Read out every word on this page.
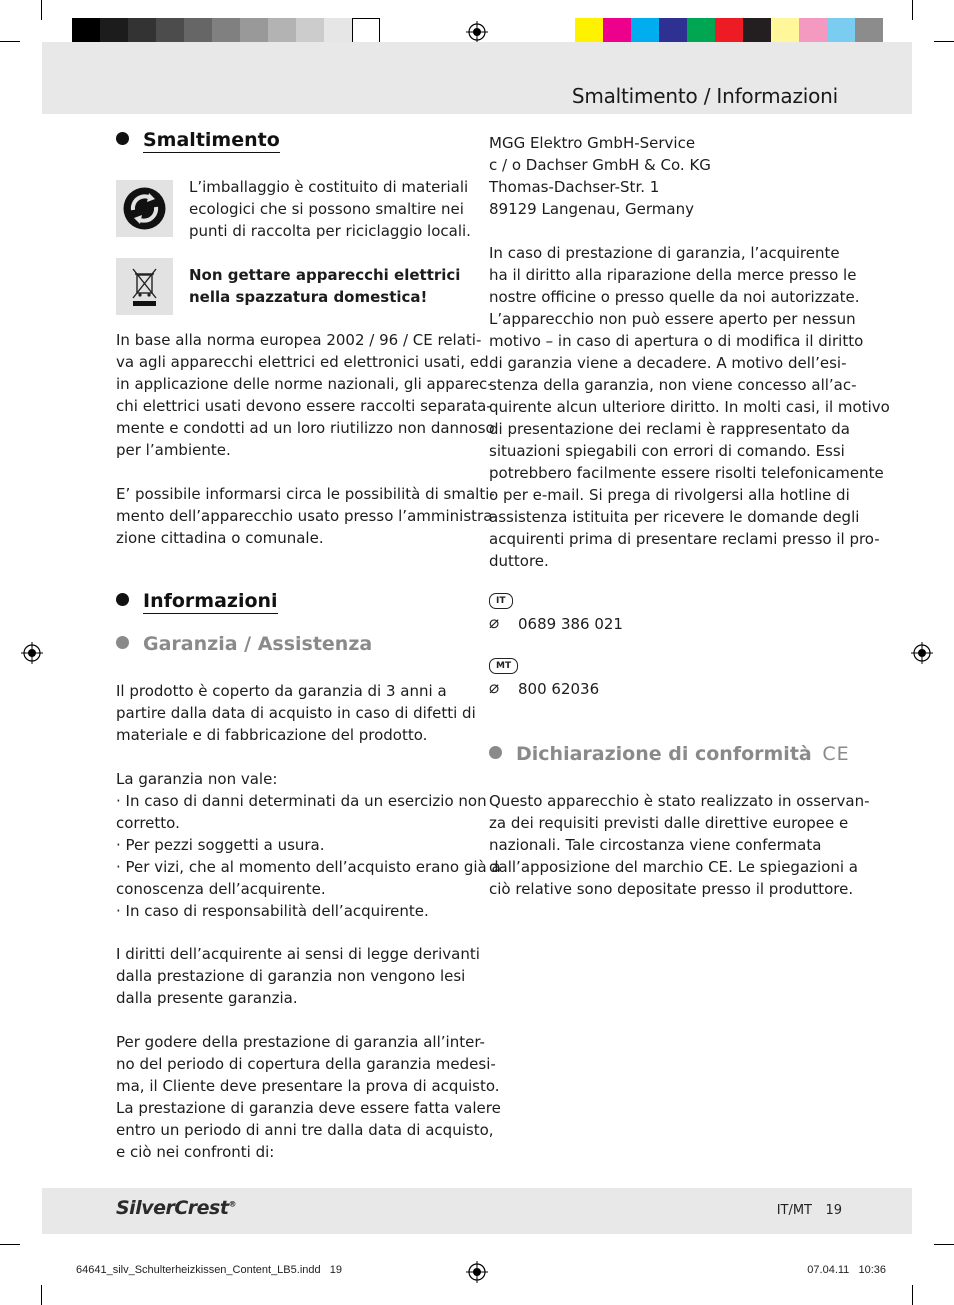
Smaltimento / Informazioni
Smaltimento

L’imballaggio è costituito di materiali
ecologici che si possono smaltire nei
punti di raccolta per riciclaggio locali.

Non gettare apparecchi elettrici
nella spazzatura domestica!

In base alla norma europea 2002 / 96 / CE relati-
va agli apparecchi elettrici ed elettronici usati, ed
in applicazione delle norme nazionali, gli apparec-
chi elettrici usati devono essere raccolti separata-
mente e condotti ad un loro riutilizzo non dannoso
per l’ambiente.

E’ possibile informarsi circa le possibilità di smalti-
mento dell’apparecchio usato presso l’amministra-
zione cittadina o comunale.

Informazioni
Garanzia / Assistenza

Il prodotto è coperto da garanzia di 3 anni a
partire dalla data di acquisto in caso di difetti di
materiale e di fabbricazione del prodotto.

La garanzia non vale:
· In caso di danni determinati da un esercizio non
corretto.
· Per pezzi soggetti a usura.
· Per vizi, che al momento dell’acquisto erano già a
conoscenza dell’acquirente.
· In caso di responsabilità dell’acquirente.

I diritti dell’acquirente ai sensi di legge derivanti
dalla prestazione di garanzia non vengono lesi
dalla presente garanzia.

Per godere della prestazione di garanzia all’inter-
no del periodo di copertura della garanzia medesi-
ma, il Cliente deve presentare la prova di acquisto.
La prestazione di garanzia deve essere fatta valere
entro un periodo di anni tre dalla data di acquisto,
e ciò nei confronti di:

MGG Elektro GmbH-Service
c / o Dachser GmbH & Co. KG
Thomas-Dachser-Str. 1
89129 Langenau, Germany

In caso di prestazione di garanzia, l’acquirente
ha il diritto alla riparazione della merce presso le
nostre officine o presso quelle da noi autorizzate.
L’apparecchio non può essere aperto per nessun
motivo – in caso di apertura o di modifica il diritto
di garanzia viene a decadere. A motivo dell’esi-
stenza della garanzia, non viene concesso all’ac-
quirente alcun ulteriore diritto. In molti casi, il motivo
di presentazione dei reclami è rappresentato da
situazioni spiegabili con errori di comando. Essi
potrebbero facilmente essere risolti telefonicamente
o per e-mail. Si prega di rivolgersi alla hotline di
assistenza istituita per ricevere le domande degli
acquirenti prima di presentare reclami presso il pro-
duttore.

IT
⌀ 0689 386 021
MT
⌀ 800 62036
Dichiarazione di conformità CE

Questo apparecchio è stato realizzato in osservan-
za dei requisiti previsti dalle direttive europee e
nazionali. Tale circostanza viene confermata
dall’apposizione del marchio CE. Le spiegazioni a
ciò relative sono depositate presso il produttore.

SilverCrest®	IT/MT 19
64641_silv_Schulterheizkissen_Content_LB5.indd   19	07.04.11   10:36
